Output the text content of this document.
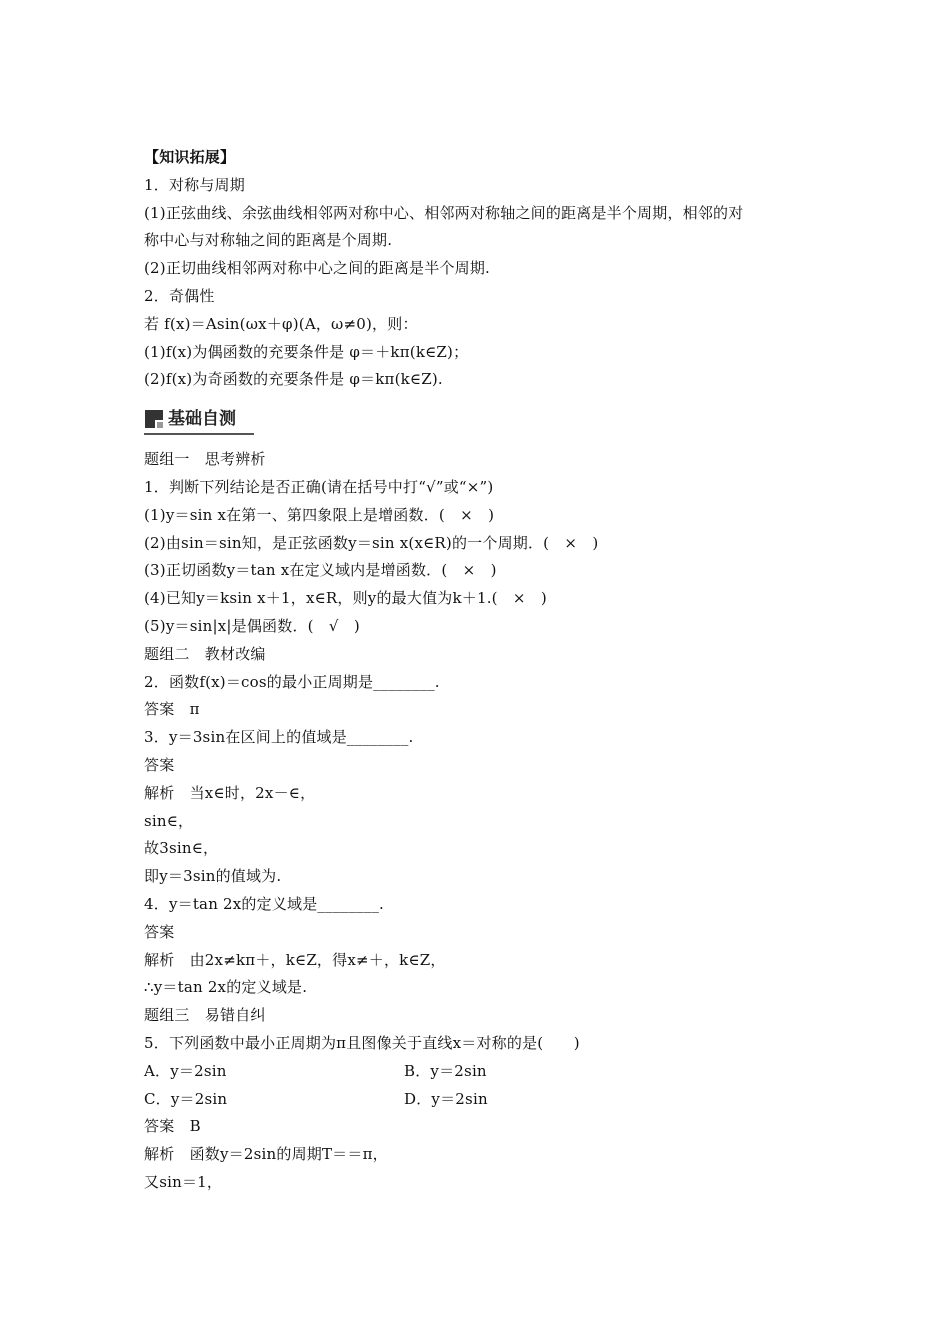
【知识拓展】
1．对称与周期
(1)正弦曲线、余弦曲线相邻两对称中心、相邻两对称轴之间的距离是半个周期，相邻的对
称中心与对称轴之间的距离是个周期.
(2)正切曲线相邻两对称中心之间的距离是半个周期.
2．奇偶性
若 f(x)＝Asin(ωx＋φ)(A，ω≠0)，则：
(1)f(x)为偶函数的充要条件是 φ＝＋kπ(k∈Z)；
(2)f(x)为奇函数的充要条件是 φ＝kπ(k∈Z).
基础自测
题组一　思考辨析
1．判断下列结论是否正确(请在括号中打“√”或“×”)
(1)y＝sin x在第一、第四象限上是增函数．(　×　)
(2)由sin＝sin知，是正弦函数y＝sin x(x∈R)的一个周期．(　×　)
(3)正切函数y＝tan x在定义域内是增函数．(　×　)
(4)已知y＝ksin x＋1，x∈R，则y的最大值为k＋1.(　×　)
(5)y＝sin|x|是偶函数．(　√　)
题组二　教材改编
2．函数f(x)＝cos的最小正周期是________.
答案　π
3．y＝3sin在区间上的值域是________.
答案
解析　当x∈时，2x－∈，
sin∈，
故3sin∈，
即y＝3sin的值域为.
4．y＝tan 2x的定义域是________.
答案
解析　由2x≠kπ＋，k∈Z，得x≠＋，k∈Z，
∴y＝tan 2x的定义域是.
题组三　易错自纠
5．下列函数中最小正周期为π且图像关于直线x＝对称的是(　　)
A．y＝2sin	B．y＝2sin
C．y＝2sin	D．y＝2sin
答案　B
解析　函数y＝2sin的周期T＝＝π，
又sin＝1，
